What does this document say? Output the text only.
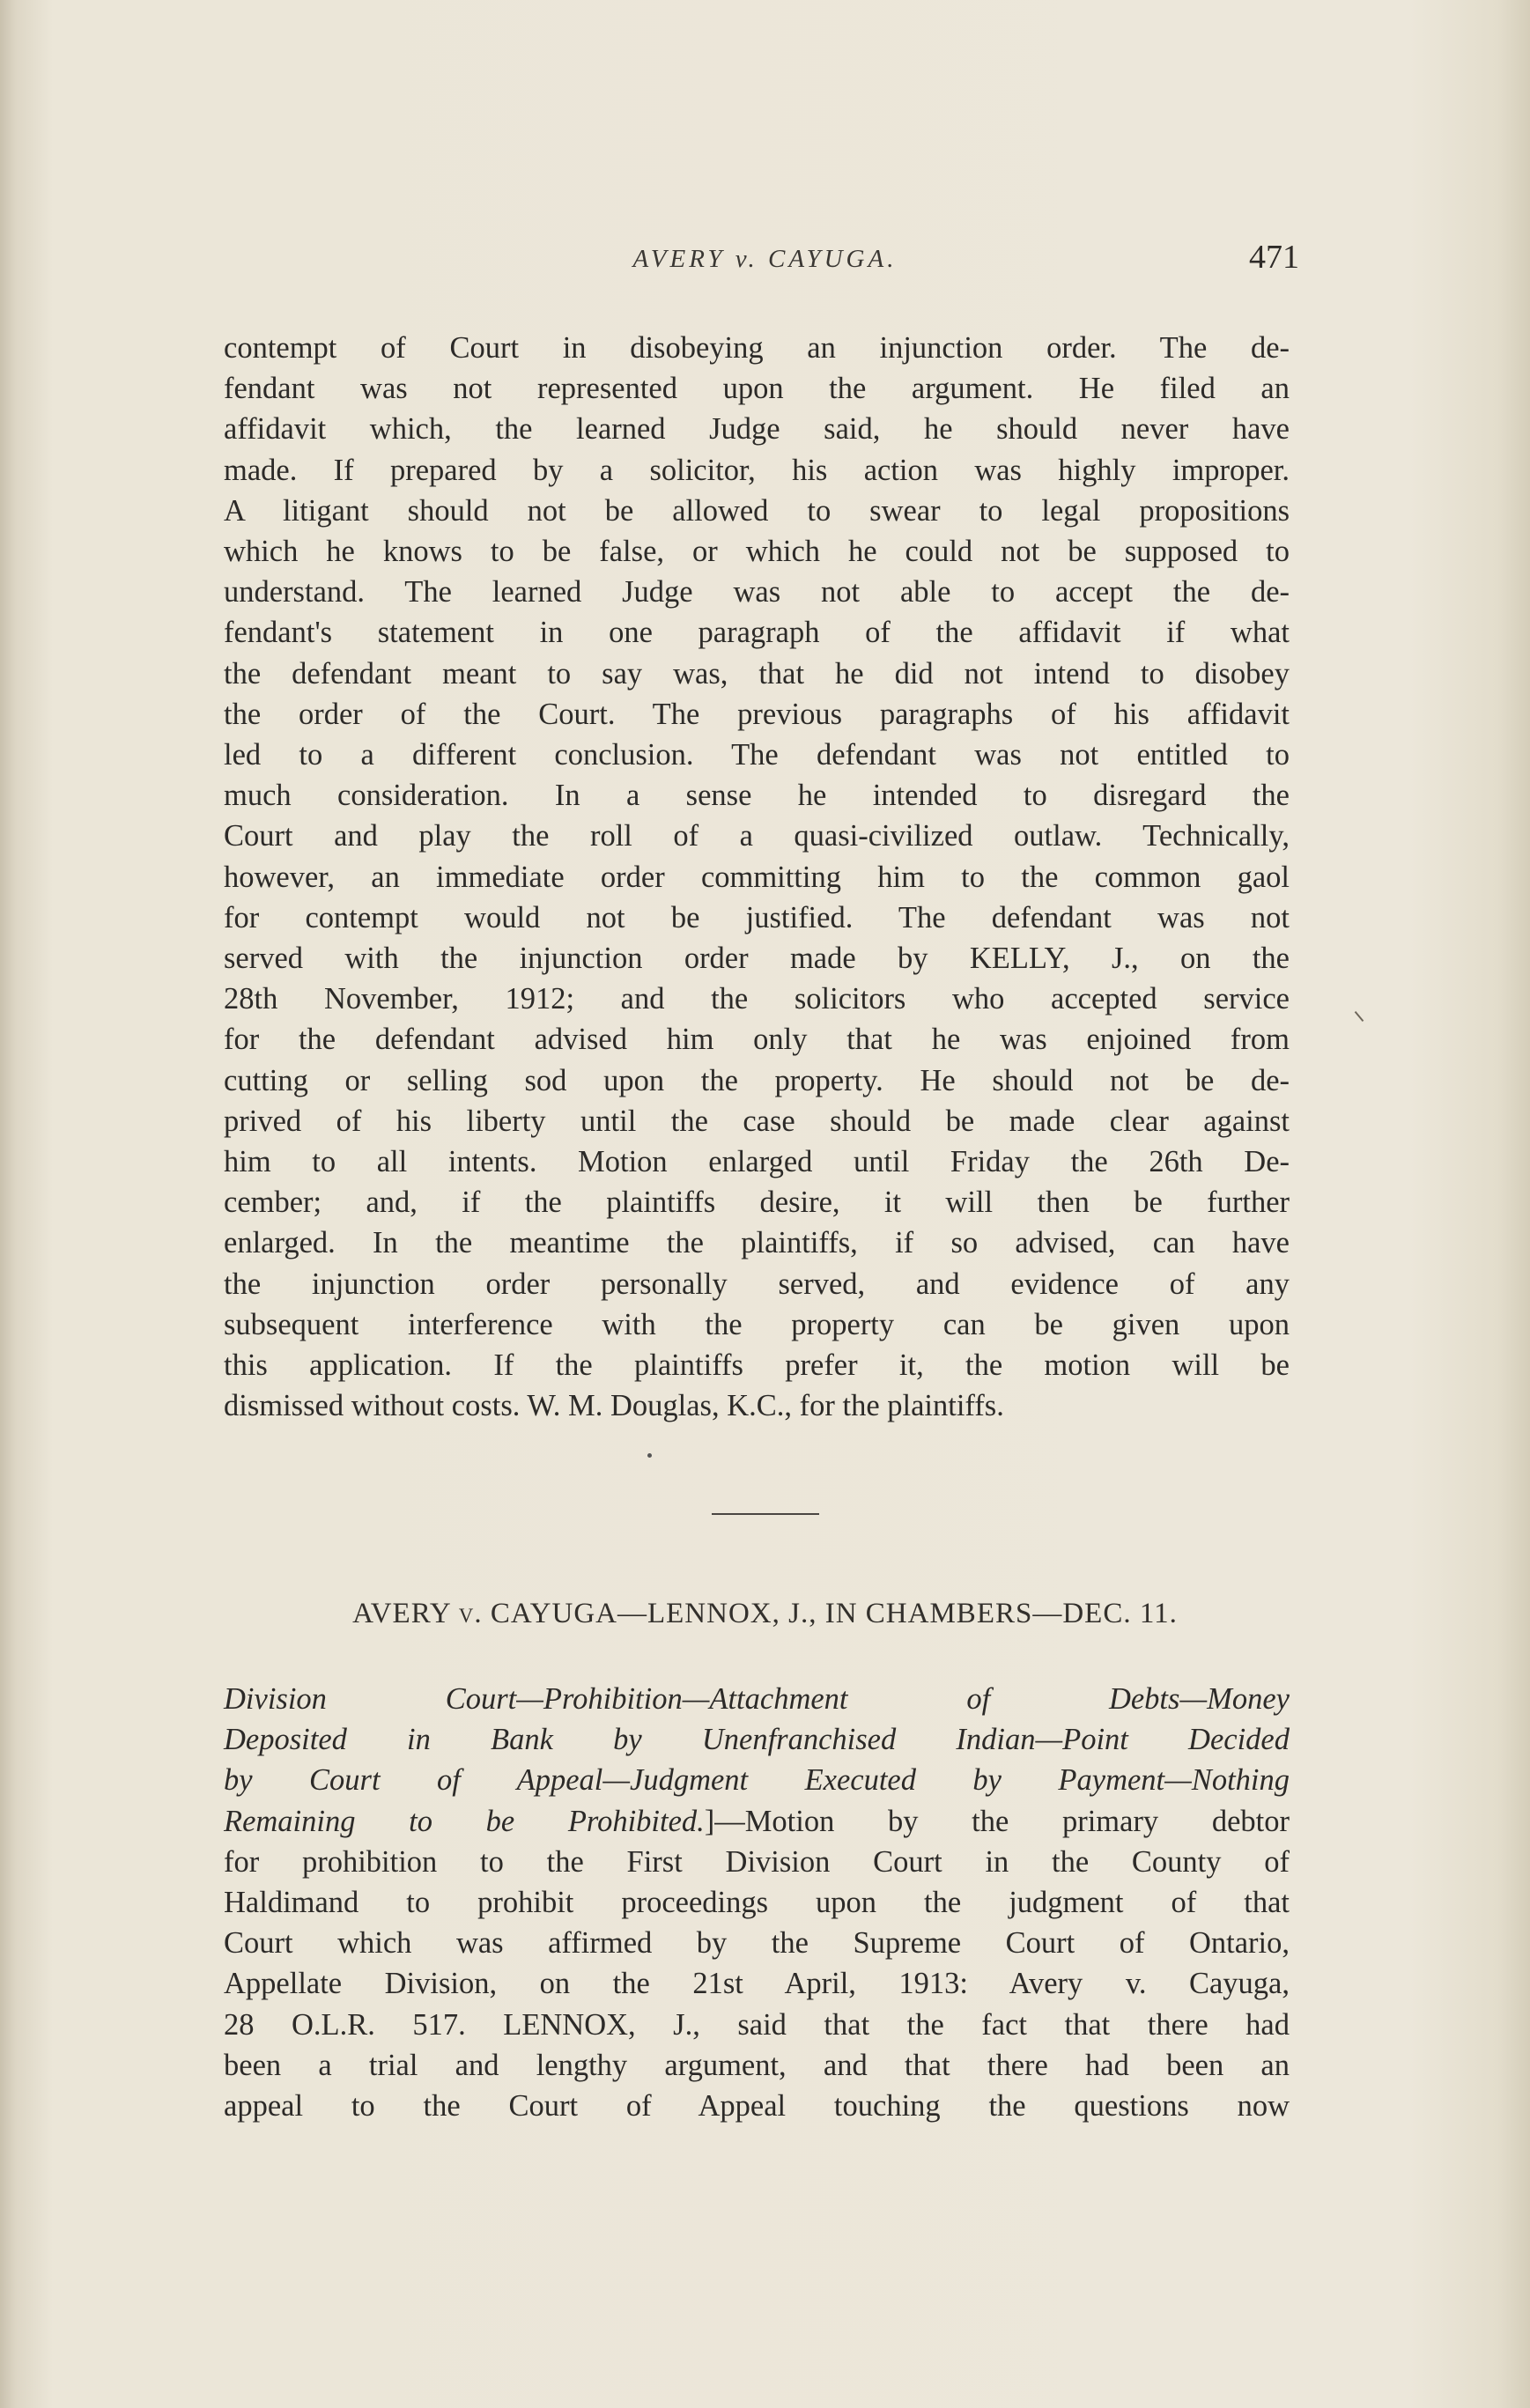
AVERY v. CAYUGA.	471
contempt of Court in disobeying an injunction order. The de-
fendant was not represented upon the argument. He filed an
affidavit which, the learned Judge said, he should never have
made. If prepared by a solicitor, his action was highly improper.
A litigant should not be allowed to swear to legal propositions
which he knows to be false, or which he could not be supposed to
understand. The learned Judge was not able to accept the de-
fendant's statement in one paragraph of the affidavit if what
the defendant meant to say was, that he did not intend to disobey
the order of the Court. The previous paragraphs of his affidavit
led to a different conclusion. The defendant was not entitled to
much consideration. In a sense he intended to disregard the
Court and play the roll of a quasi-civilized outlaw. Technically,
however, an immediate order committing him to the common gaol
for contempt would not be justified. The defendant was not
served with the injunction order made by KELLY, J., on the
28th November, 1912; and the solicitors who accepted service
for the defendant advised him only that he was enjoined from
cutting or selling sod upon the property. He should not be de-
prived of his liberty until the case should be made clear against
him to all intents. Motion enlarged until Friday the 26th De-
cember; and, if the plaintiffs desire, it will then be further
enlarged. In the meantime the plaintiffs, if so advised, can have
the injunction order personally served, and evidence of any
subsequent interference with the property can be given upon
this application. If the plaintiffs prefer it, the motion will be
dismissed without costs. W. M. Douglas, K.C., for the plaintiffs.
AVERY v. CAYUGA—LENNOX, J., IN CHAMBERS—DEC. 11.
Division Court—Prohibition—Attachment of Debts—Money
Deposited in Bank by Unenfranchised Indian—Point Decided
by Court of Appeal—Judgment Executed by Payment—Nothing
Remaining to be Prohibited.]—Motion by the primary debtor
for prohibition to the First Division Court in the County of
Haldimand to prohibit proceedings upon the judgment of that
Court which was affirmed by the Supreme Court of Ontario,
Appellate Division, on the 21st April, 1913: Avery v. Cayuga,
28 O.L.R. 517. LENNOX, J., said that the fact that there had
been a trial and lengthy argument, and that there had been an
appeal to the Court of Appeal touching the questions now
